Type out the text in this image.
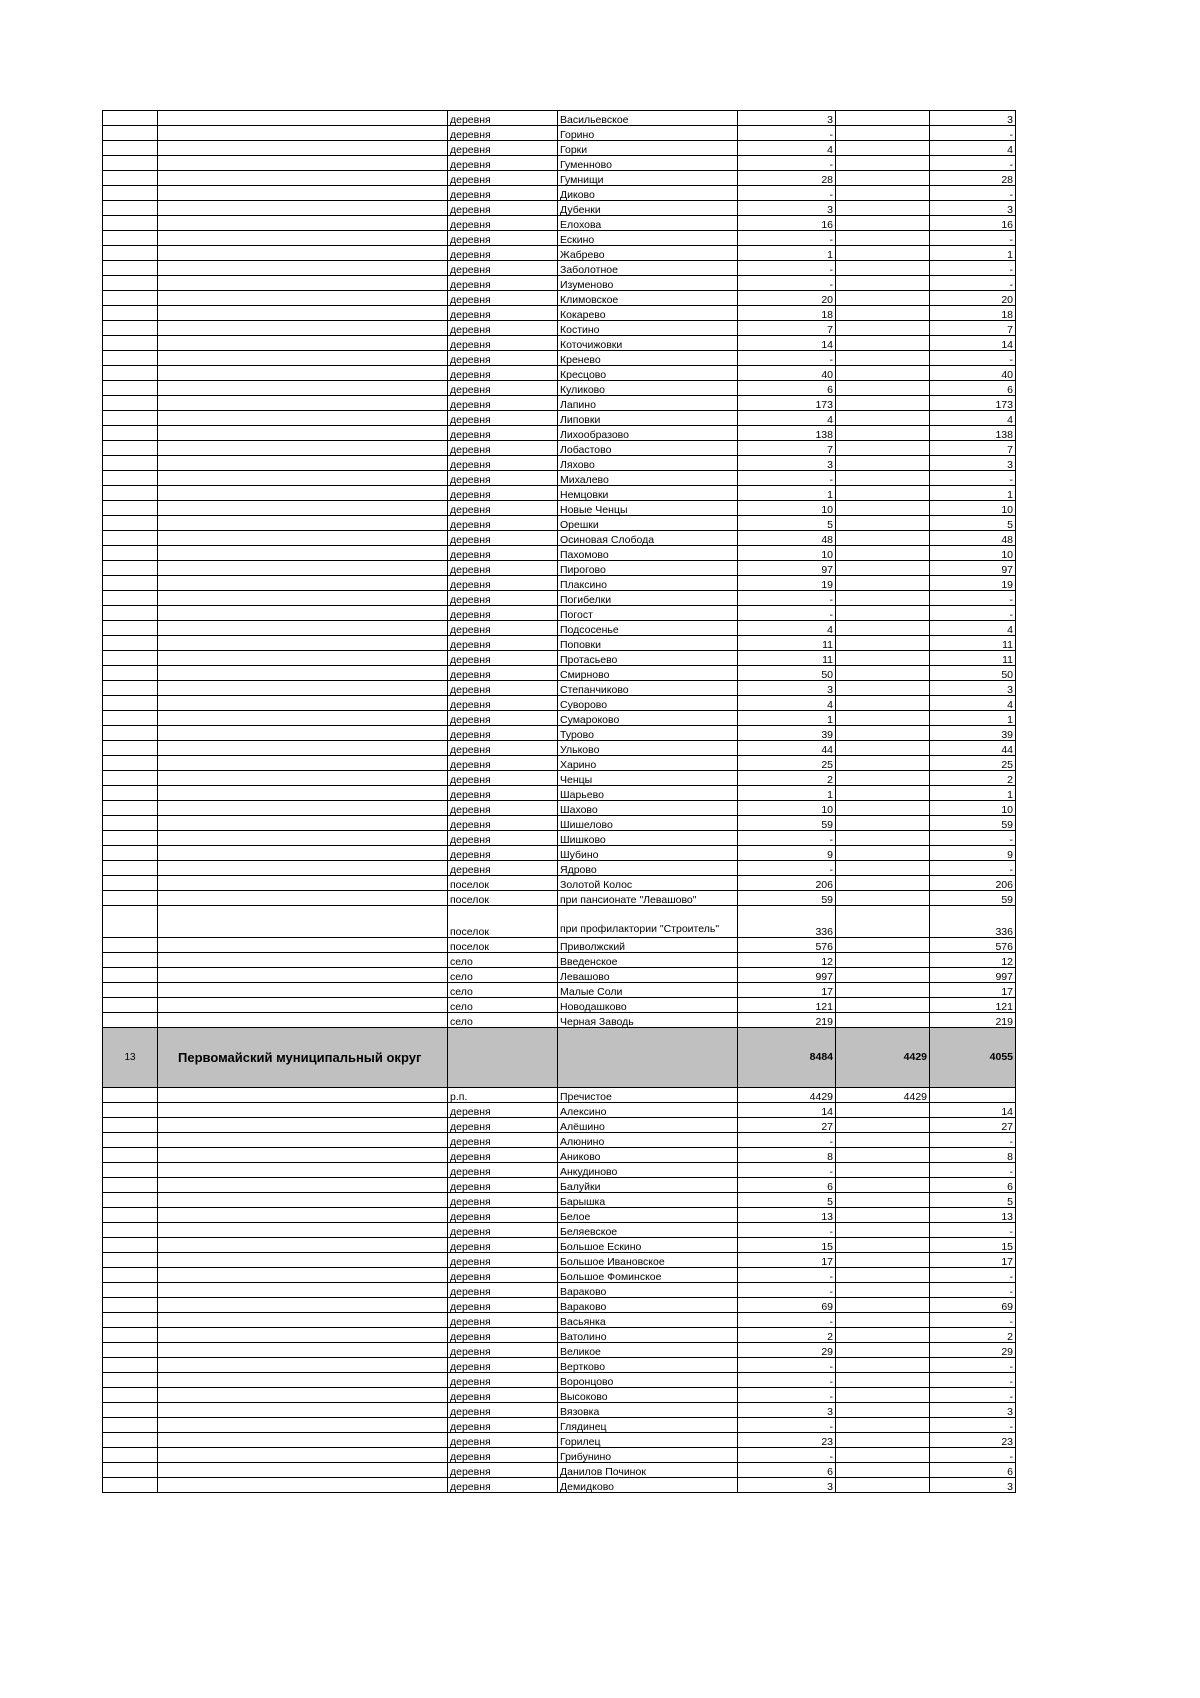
		деревня	Васильевское	3		3
		деревня	Горино	-		-
		деревня	Горки	4		4
		деревня	Гуменново	-		-
		деревня	Гумнищи	28		28
		деревня	Диково	-		-
		деревня	Дубенки	3		3
		деревня	Елохова	16		16
		деревня	Ескино	-		-
		деревня	Жабрево	1		1
		деревня	Заболотное	-		-
		деревня	Изуменово	-		-
		деревня	Климовское	20		20
		деревня	Кокарево	18		18
		деревня	Костино	7		7
		деревня	Коточижовки	14		14
		деревня	Кренево	-		-
		деревня	Кресцово	40		40
		деревня	Куликово	6		6
		деревня	Лапино	173		173
		деревня	Липовки	4		4
		деревня	Лихообразово	138		138
		деревня	Лобастово	7		7
		деревня	Ляхово	3		3
		деревня	Михалево	-		-
		деревня	Немцовки	1		1
		деревня	Новые Ченцы	10		10
		деревня	Орешки	5		5
		деревня	Осиновая Слобода	48		48
		деревня	Пахомово	10		10
		деревня	Пирогово	97		97
		деревня	Плаксино	19		19
		деревня	Погибелки	-		-
		деревня	Погост	-		-
		деревня	Подсосенье	4		4
		деревня	Поповки	11		11
		деревня	Протасьево	11		11
		деревня	Смирново	50		50
		деревня	Степанчиково	3		3
		деревня	Суворово	4		4
		деревня	Сумароково	1		1
		деревня	Турово	39		39
		деревня	Ульково	44		44
		деревня	Харино	25		25
		деревня	Ченцы	2		2
		деревня	Шарьево	1		1
		деревня	Шахово	10		10
		деревня	Шишелово	59		59
		деревня	Шишково	-		-
		деревня	Шубино	9		9
		деревня	Ядрово	-		-
		поселок	Золотой Колос	206		206
		поселок	при пансионате "Левашово"	59		59
		поселок	при профилактории "Строитель"	336		336
		поселок	Приволжский	576		576
		село	Введенское	12		12
		село	Левашово	997		997
		село	Малые Соли	17		17
		село	Новодашково	121		121
		село	Черная Заводь	219		219
13	Первомайский муниципальный округ			8484	4429	4055
		р.п.	Пречистое	4429	4429	
		деревня	Алексино	14		14
		деревня	Алёшино	27		27
		деревня	Алюнино	-		-
		деревня	Аниково	8		8
		деревня	Анкудиново	-		-
		деревня	Балуйки	6		6
		деревня	Барышка	5		5
		деревня	Белое	13		13
		деревня	Беляевское	-		-
		деревня	Большое Ескино	15		15
		деревня	Большое Ивановское	17		17
		деревня	Большое Фоминское	-		-
		деревня	Вараково	-		-
		деревня	Вараково	69		69
		деревня	Васьянка	-		-
		деревня	Ватолино	2		2
		деревня	Великое	29		29
		деревня	Вертково	-		-
		деревня	Воронцово	-		-
		деревня	Высоково	-		-
		деревня	Вязовка	3		3
		деревня	Глядинец	-		-
		деревня	Горилец	23		23
		деревня	Грибунино	-		-
		деревня	Данилов Починок	6		6
		деревня	Демидково	3		3
